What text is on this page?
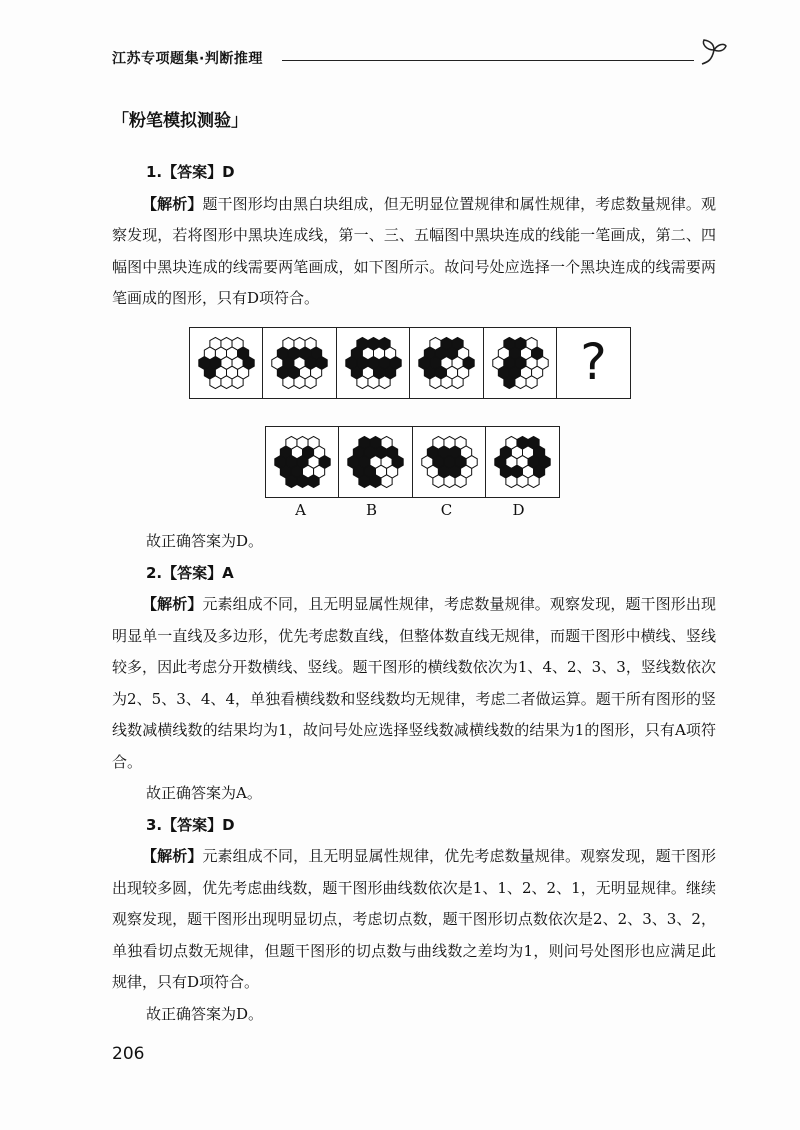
江苏专项题集·判断推理
「粉笔模拟测验」
1.【答案】D

【解析】题干图形均由黑白块组成，但无明显位置规律和属性规律，考虑数量规律。观察发现，若将图形中黑块连成线，第一、三、五幅图中黑块连成的线能一笔画成，第二、四幅图中黑块连成的线需要两笔画成，如下图所示。故问号处应选择一个黑块连成的线需要两笔画成的图形，只有D项符合。

?
A	B	C	D

故正确答案为D。

2.【答案】A

【解析】元素组成不同，且无明显属性规律，考虑数量规律。观察发现，题干图形出现明显单一直线及多边形，优先考虑数直线，但整体数直线无规律，而题干图形中横线、竖线较多，因此考虑分开数横线、竖线。题干图形的横线数依次为1、4、2、3、3，竖线数依次为2、5、3、4、4，单独看横线数和竖线数均无规律，考虑二者做运算。题干所有图形的竖线数减横线数的结果均为1，故问号处应选择竖线数减横线数的结果为1的图形，只有A项符合。

故正确答案为A。

3.【答案】D

【解析】元素组成不同，且无明显属性规律，优先考虑数量规律。观察发现，题干图形出现较多圆，优先考虑曲线数，题干图形曲线数依次是1、1、2、2、1，无明显规律。继续观察发现，题干图形出现明显切点，考虑切点数，题干图形切点数依次是2、2、3、3、2，单独看切点数无规律，但题干图形的切点数与曲线数之差均为1，则问号处图形也应满足此规律，只有D项符合。

故正确答案为D。

206
